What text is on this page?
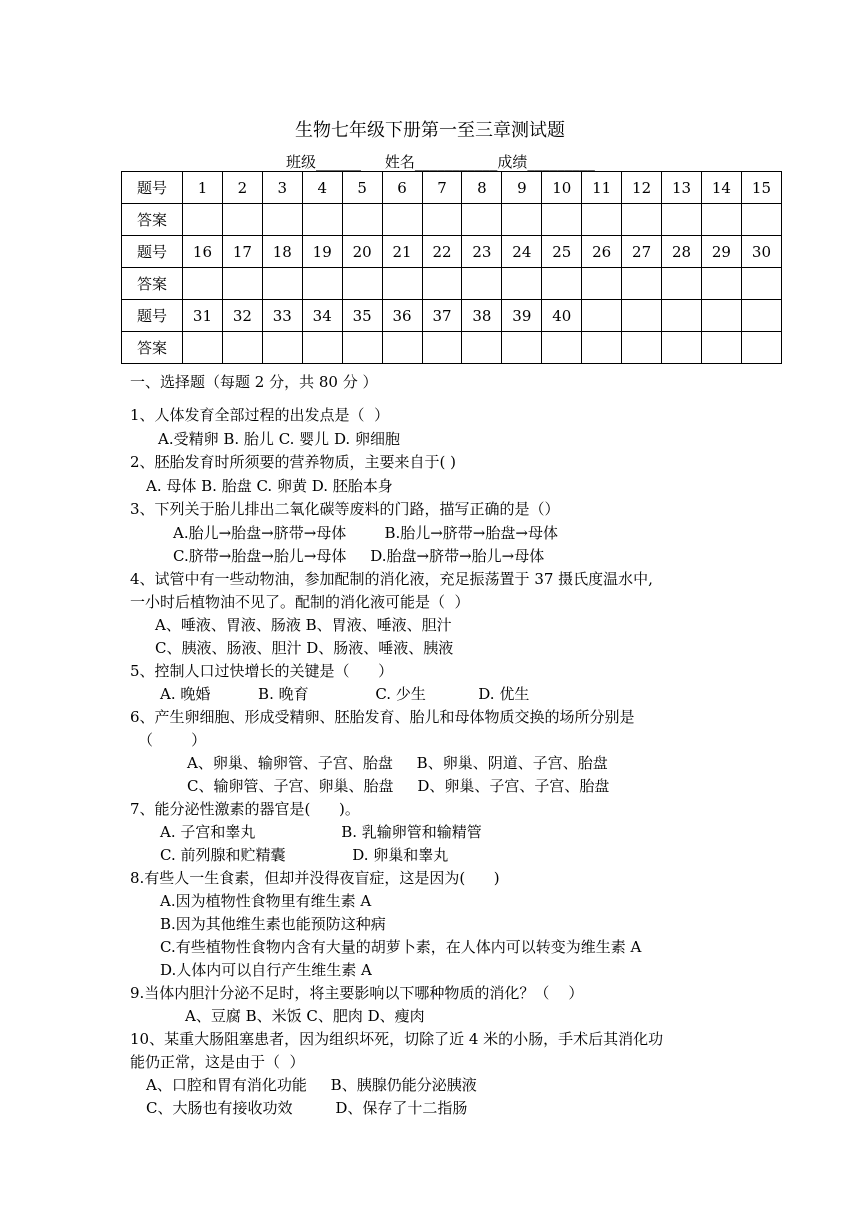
生物七年级下册第一至三章测试题
班级______ 姓名___________成绩_________
题号	1	2	3	4	5	6	7	8	9	10	11	12	13	14	15
答案															
题号	16	17	18	19	20	21	22	23	24	25	26	27	28	29	30
答案															
题号	31	32	33	34	35	36	37	38	39	40					
答案															
一、选择题（每题 2 分，共 80 分 ）
1、人体发育全部过程的出发点是（  ）
A.受精卵 B. 胎儿 C. 婴儿 D. 卵细胞
2、胚胎发育时所须要的营养物质，主要来自于( )
A. 母体 B. 胎盘 C. 卵黄 D. 胚胎本身
3、下列关于胎儿排出二氧化碳等废料的门路，描写正确的是（）
A.胎儿→胎盘→脐带→母体        B.胎儿→脐带→胎盘→母体
C.脐带→胎盘→胎儿→母体     D.胎盘→脐带→胎儿→母体
4、试管中有一些动物油，参加配制的消化液，充足振荡置于 37 摄氏度温水中,
一小时后植物油不见了。配制的消化液可能是（  ）
A、唾液、胃液、肠液 B、胃液、唾液、胆汁
C、胰液、肠液、胆汁 D、肠液、唾液、胰液
5、控制人口过快增长的关键是（      ）
A. 晚婚          B. 晚育              C. 少生           D. 优生
6、产生卵细胞、形成受精卵、胚胎发育、胎儿和母体物质交换的场所分别是
（        ）
A、卵巢、输卵管、子宫、胎盘     B、卵巢、阴道、子宫、胎盘
C、输卵管、子宫、卵巢、胎盘     D、卵巢、子宫、子宫、胎盘
7、能分泌性激素的器官是(      )。
A. 子宫和睾丸                  B. 乳输卵管和输精管
C. 前列腺和贮精囊              D. 卵巢和睾丸
8.有些人一生食素，但却并没得夜盲症，这是因为(      )
A.因为植物性食物里有维生素 A
B.因为其他维生素也能预防这种病
C.有些植物性食物内含有大量的胡萝卜素，在人体内可以转变为维生素 A
D.人体内可以自行产生维生素 A
9.当体内胆汁分泌不足时，将主要影响以下哪种物质的消化？（    ）
A、豆腐 B、米饭 C、肥肉 D、瘦肉
10、某重大肠阻塞患者，因为组织坏死，切除了近 4 米的小肠，手术后其消化功
能仍正常，这是由于（  ）
A、口腔和胃有消化功能     B、胰腺仍能分泌胰液
C、大肠也有接收功效         D、保存了十二指肠
